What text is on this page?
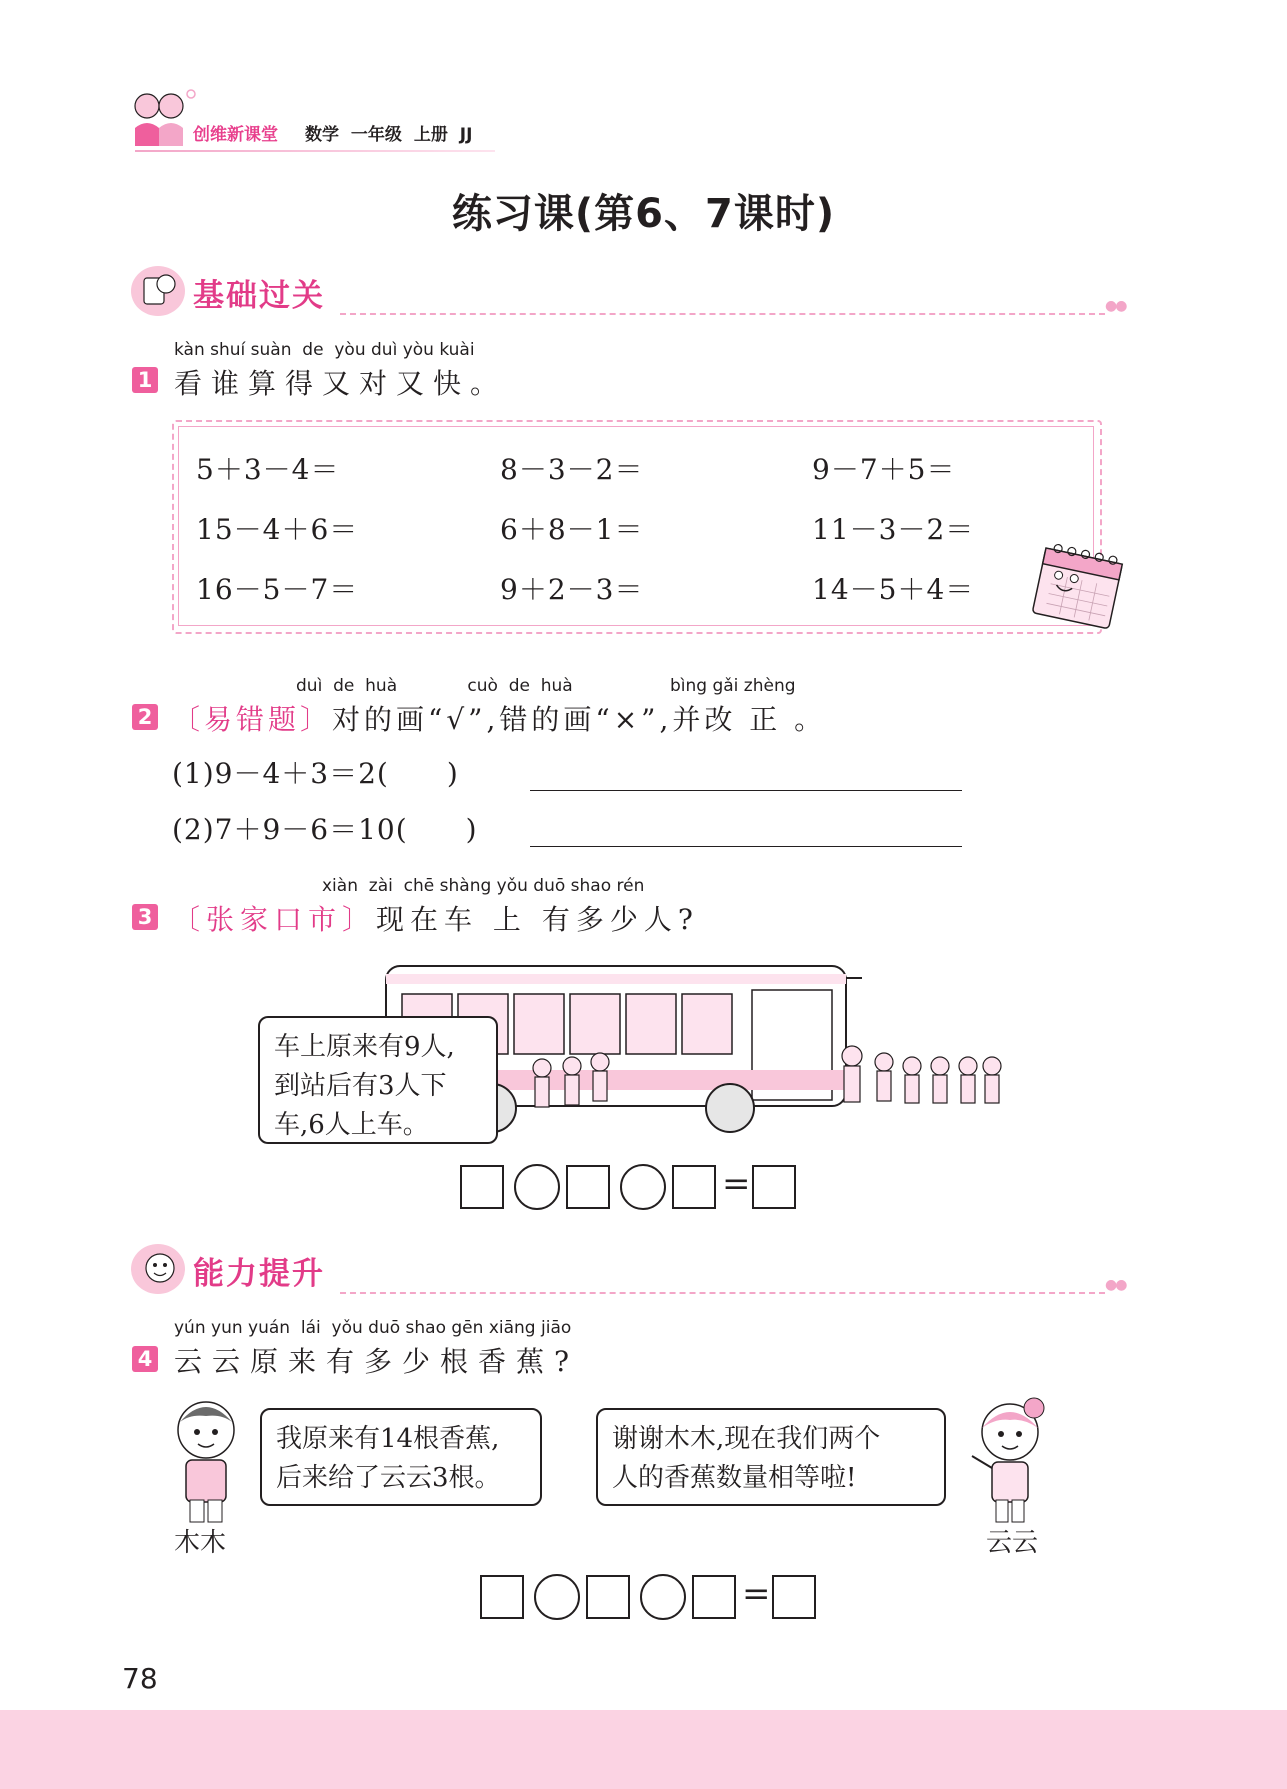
创维新课堂 数学 一年级 上册 JJ
练习课(第6、7课时)
基础过关	●●
kàn shuí suàn  de  yòu duì yòu kuài
1 看谁算得又对又快。
5＋3－4＝	8－3－2＝	9－7＋5＝
15－4＋6＝	6＋8－1＝	11－3－2＝
16－5－7＝	9＋2－3＝	14－5＋4＝
duì  de  huà             cuò  de  huà                  bìng gǎi zhèng
2 〔易错题〕对的画“√”,错的画“×”,并改 正 。
(1)9－4＋3＝2(　　)
(2)7＋9－6＝10(　　)
xiàn  zài  chē shàng yǒu duō shao rén
3 〔张家口市〕现在车 上 有多少人?
车上原来有9人,
到站后有3人下
车,6人上车。
=
能力提升	●●
yún yun yuán  lái  yǒu duō shao gēn xiāng jiāo
4 云云原来有多少根香蕉?
木木
我原来有14根香蕉,
后来给了云云3根。
谢谢木木,现在我们两个
人的香蕉数量相等啦!
云云
=
78
